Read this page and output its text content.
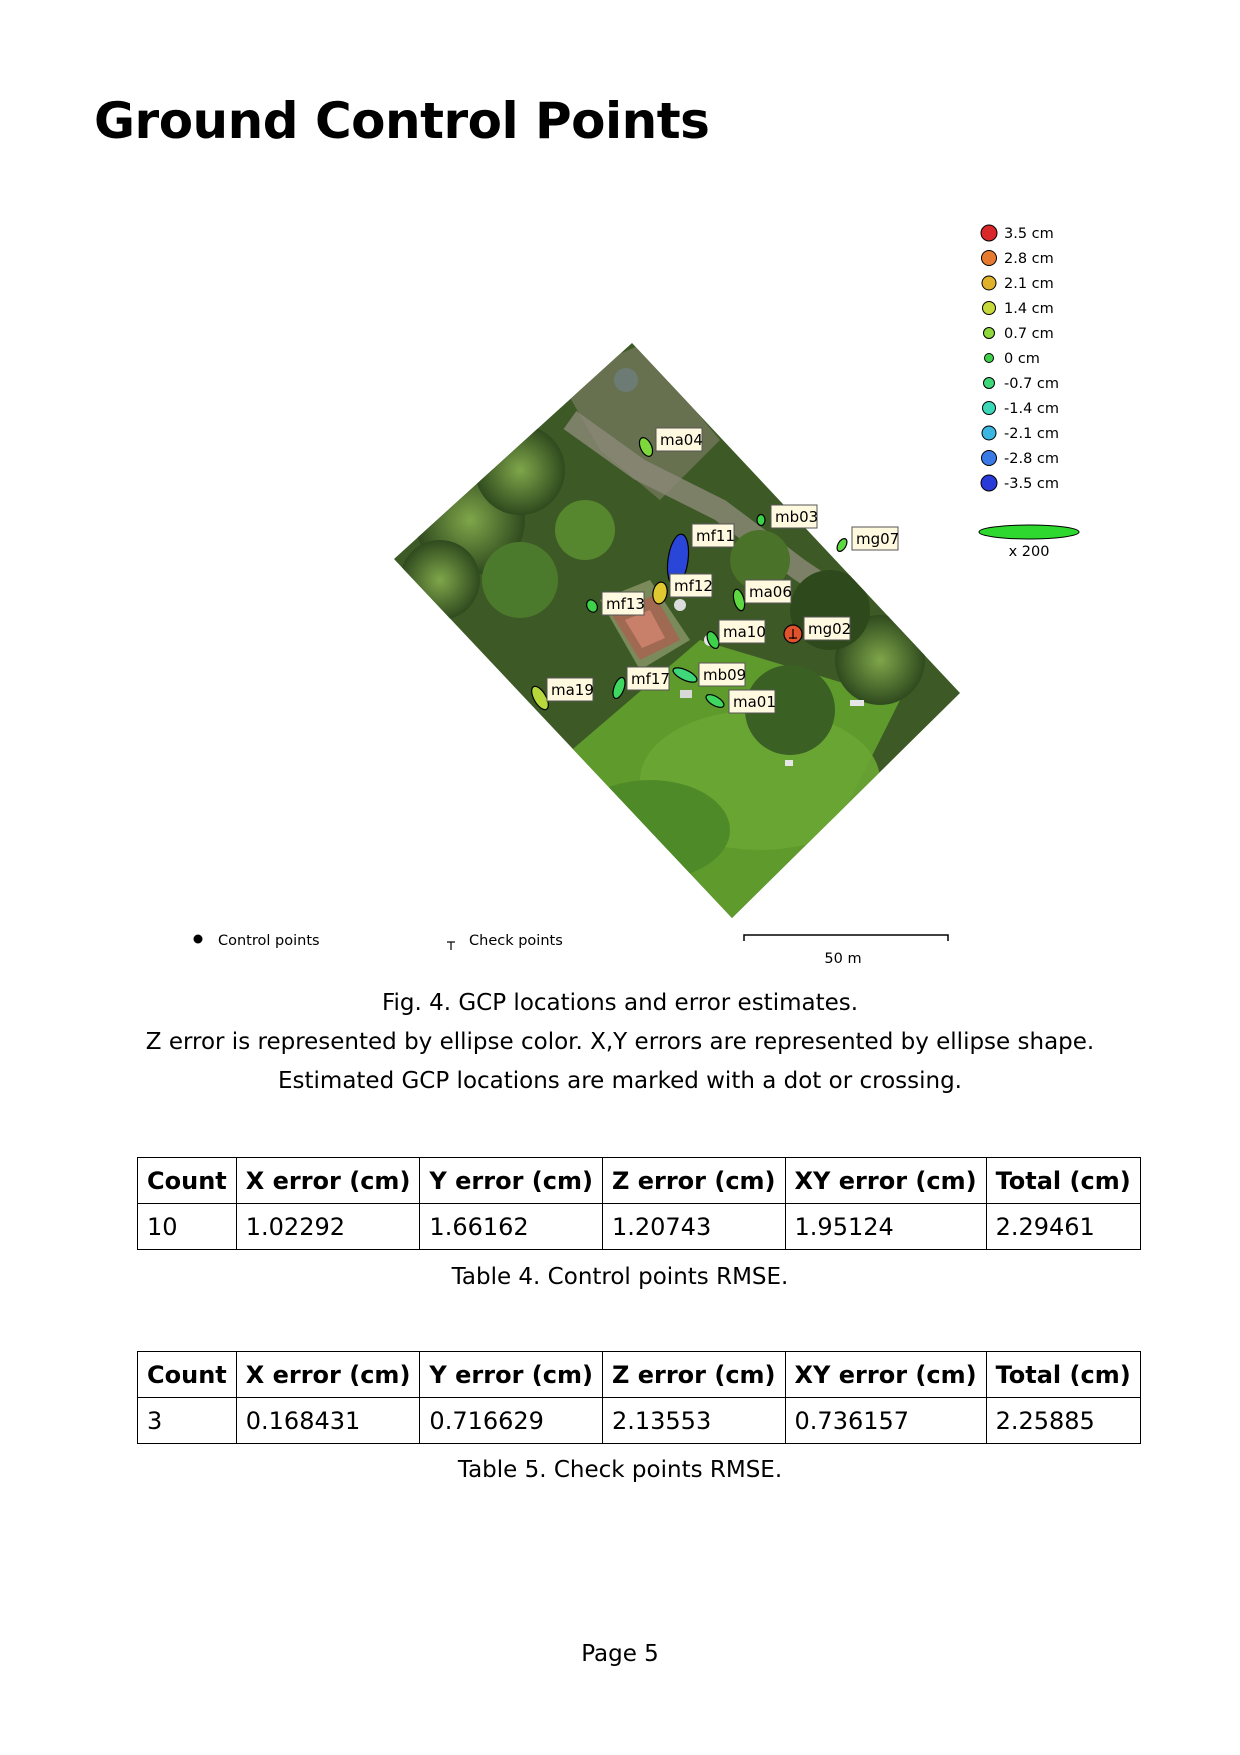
Ground Control Points
ma04
mb03
mg07
mf11
mf12
mf13
ma06
ma10	mg02
mb09
mf17
ma19
ma01
3.5 cm
2.8 cm
2.1 cm
1.4 cm
0.7 cm
0 cm
-0.7 cm
-1.4 cm
-2.1 cm
-2.8 cm
-3.5 cm
x 200
Control points	Check points
50 m
Fig. 4. GCP locations and error estimates.
Z error is represented by ellipse color. X,Y errors are represented by ellipse shape.
Estimated GCP locations are marked with a dot or crossing.
Count	X error (cm)	Y error (cm)	Z error (cm)	XY error (cm)	Total (cm)
10	1.02292	1.66162	1.20743	1.95124	2.29461
Table 4. Control points RMSE.
Count	X error (cm)	Y error (cm)	Z error (cm)	XY error (cm)	Total (cm)
3	0.168431	0.716629	2.13553	0.736157	2.25885
Table 5. Check points RMSE.
Page 5
